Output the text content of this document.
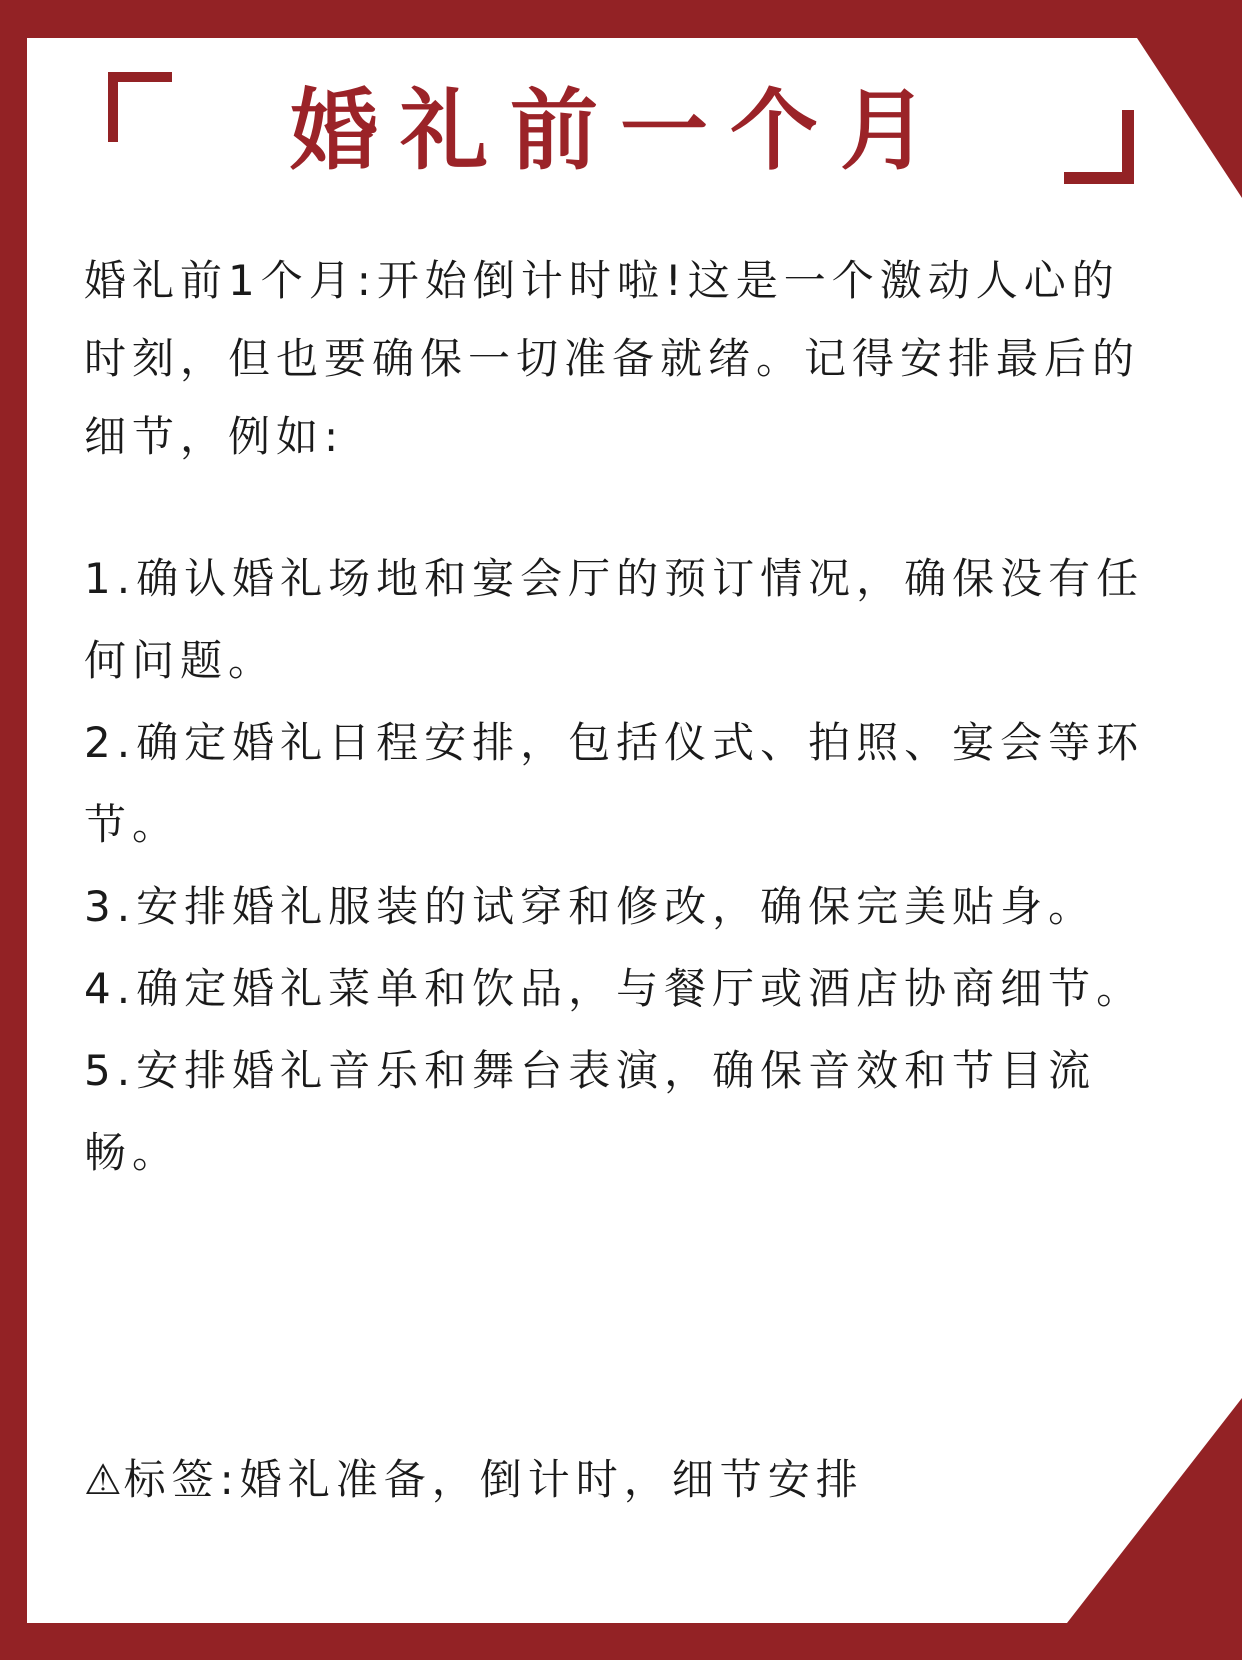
婚礼前一个月
婚礼前1个月:开始倒计时啦!这是一个激动人心的时刻，但也要确保一切准备就绪。记得安排最后的细节，例如:
1.确认婚礼场地和宴会厅的预订情况，确保没有任何问题。
2.确定婚礼日程安排，包括仪式、拍照、宴会等环节。
3.安排婚礼服装的试穿和修改，确保完美贴身。
4.确定婚礼菜单和饮品，与餐厅或酒店协商细节。
5.安排婚礼音乐和舞台表演，确保音效和节目流畅。
⚠标签:婚礼准备，倒计时，细节安排
